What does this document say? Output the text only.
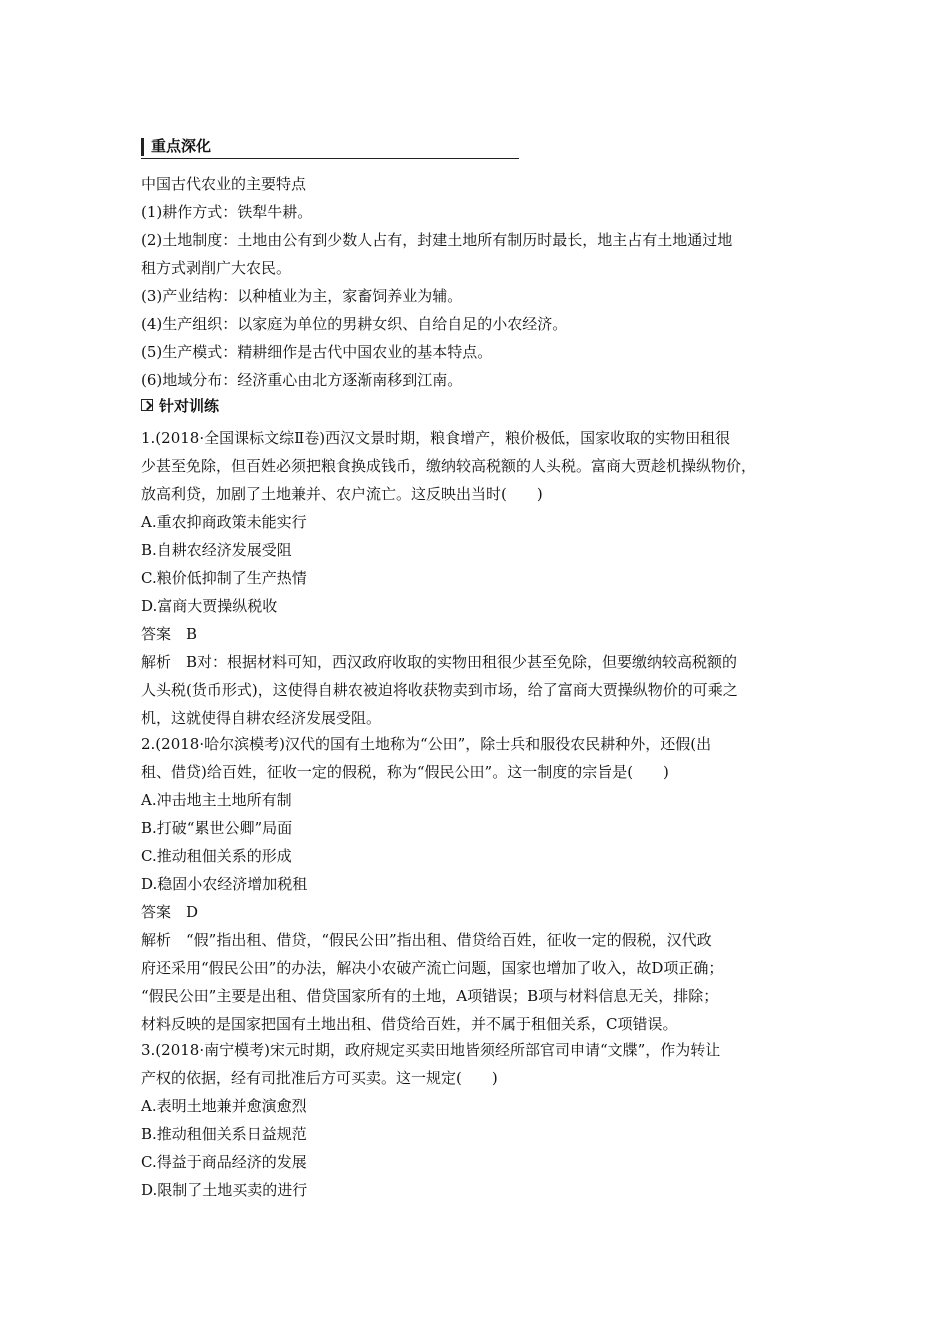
重点深化
中国古代农业的主要特点
(1)耕作方式：铁犁牛耕。
(2)土地制度：土地由公有到少数人占有，封建土地所有制历时最长，地主占有土地通过地
租方式剥削广大农民。
(3)产业结构：以种植业为主，家畜饲养业为辅。
(4)生产组织：以家庭为单位的男耕女织、自给自足的小农经济。
(5)生产模式：精耕细作是古代中国农业的基本特点。
(6)地域分布：经济重心由北方逐渐南移到江南。
针对训练
1.(2018·全国课标文综Ⅱ卷)西汉文景时期，粮食增产，粮价极低，国家收取的实物田租很
少甚至免除，但百姓必须把粮食换成钱币，缴纳较高税额的人头税。富商大贾趁机操纵物价，
放高利贷，加剧了土地兼并、农户流亡。这反映出当时(　　)
A.重农抑商政策未能实行
B.自耕农经济发展受阻
C.粮价低抑制了生产热情
D.富商大贾操纵税收
答案　B
解析　B对：根据材料可知，西汉政府收取的实物田租很少甚至免除，但要缴纳较高税额的
人头税(货币形式)，这使得自耕农被迫将收获物卖到市场，给了富商大贾操纵物价的可乘之
机，这就使得自耕农经济发展受阻。
2.(2018·哈尔滨模考)汉代的国有土地称为“公田”，除士兵和服役农民耕种外，还假(出
租、借贷)给百姓，征收一定的假税，称为“假民公田”。这一制度的宗旨是(　　)
A.冲击地主土地所有制
B.打破“累世公卿”局面
C.推动租佃关系的形成
D.稳固小农经济增加税租
答案　D
解析　“假”指出租、借贷，“假民公田”指出租、借贷给百姓，征收一定的假税，汉代政
府还采用“假民公田”的办法，解决小农破产流亡问题，国家也增加了收入，故D项正确；
“假民公田”主要是出租、借贷国家所有的土地，A项错误；B项与材料信息无关，排除；
材料反映的是国家把国有土地出租、借贷给百姓，并不属于租佃关系，C项错误。
3.(2018·南宁模考)宋元时期，政府规定买卖田地皆须经所部官司申请“文牒”，作为转让
产权的依据，经有司批准后方可买卖。这一规定(　　)
A.表明土地兼并愈演愈烈
B.推动租佃关系日益规范
C.得益于商品经济的发展
D.限制了土地买卖的进行
